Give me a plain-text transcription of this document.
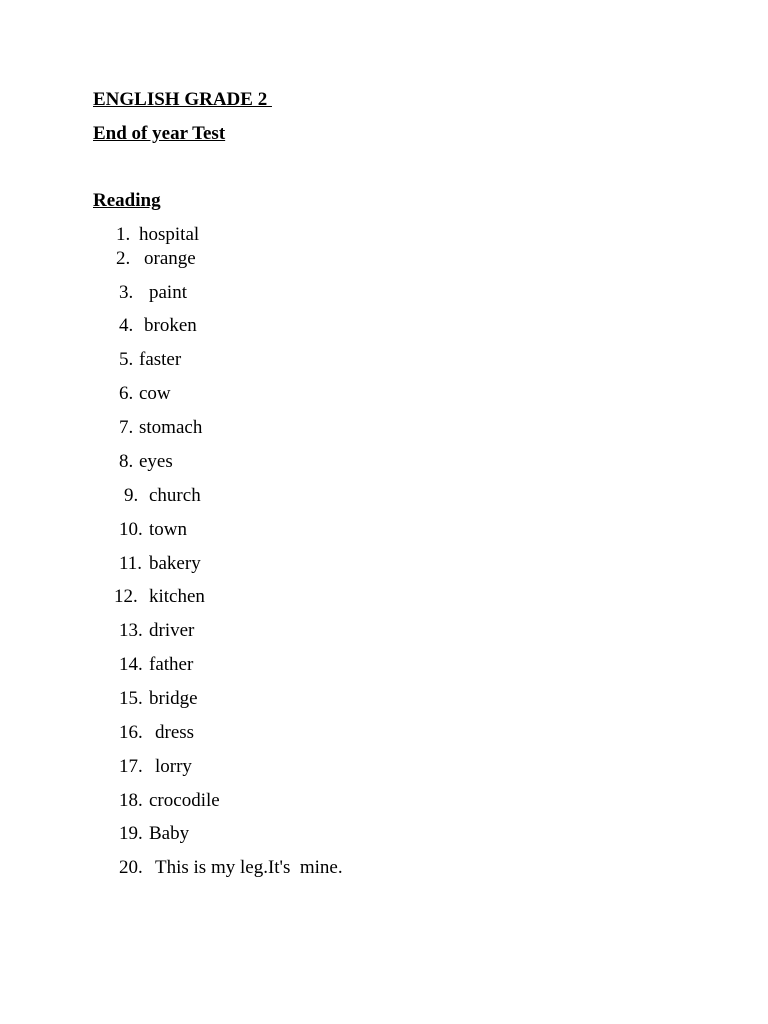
ENGLISH GRADE 2
End of year Test
Reading
1. hospital
2. orange
3. paint
4. broken
5. faster
6. cow
7. stomach
8. eyes
9. church
10. town
11. bakery
12. kitchen
13. driver
14. father
15. bridge
16. dress
17. lorry
18. crocodile
19. Baby
20. This is my leg.It's  mine.
